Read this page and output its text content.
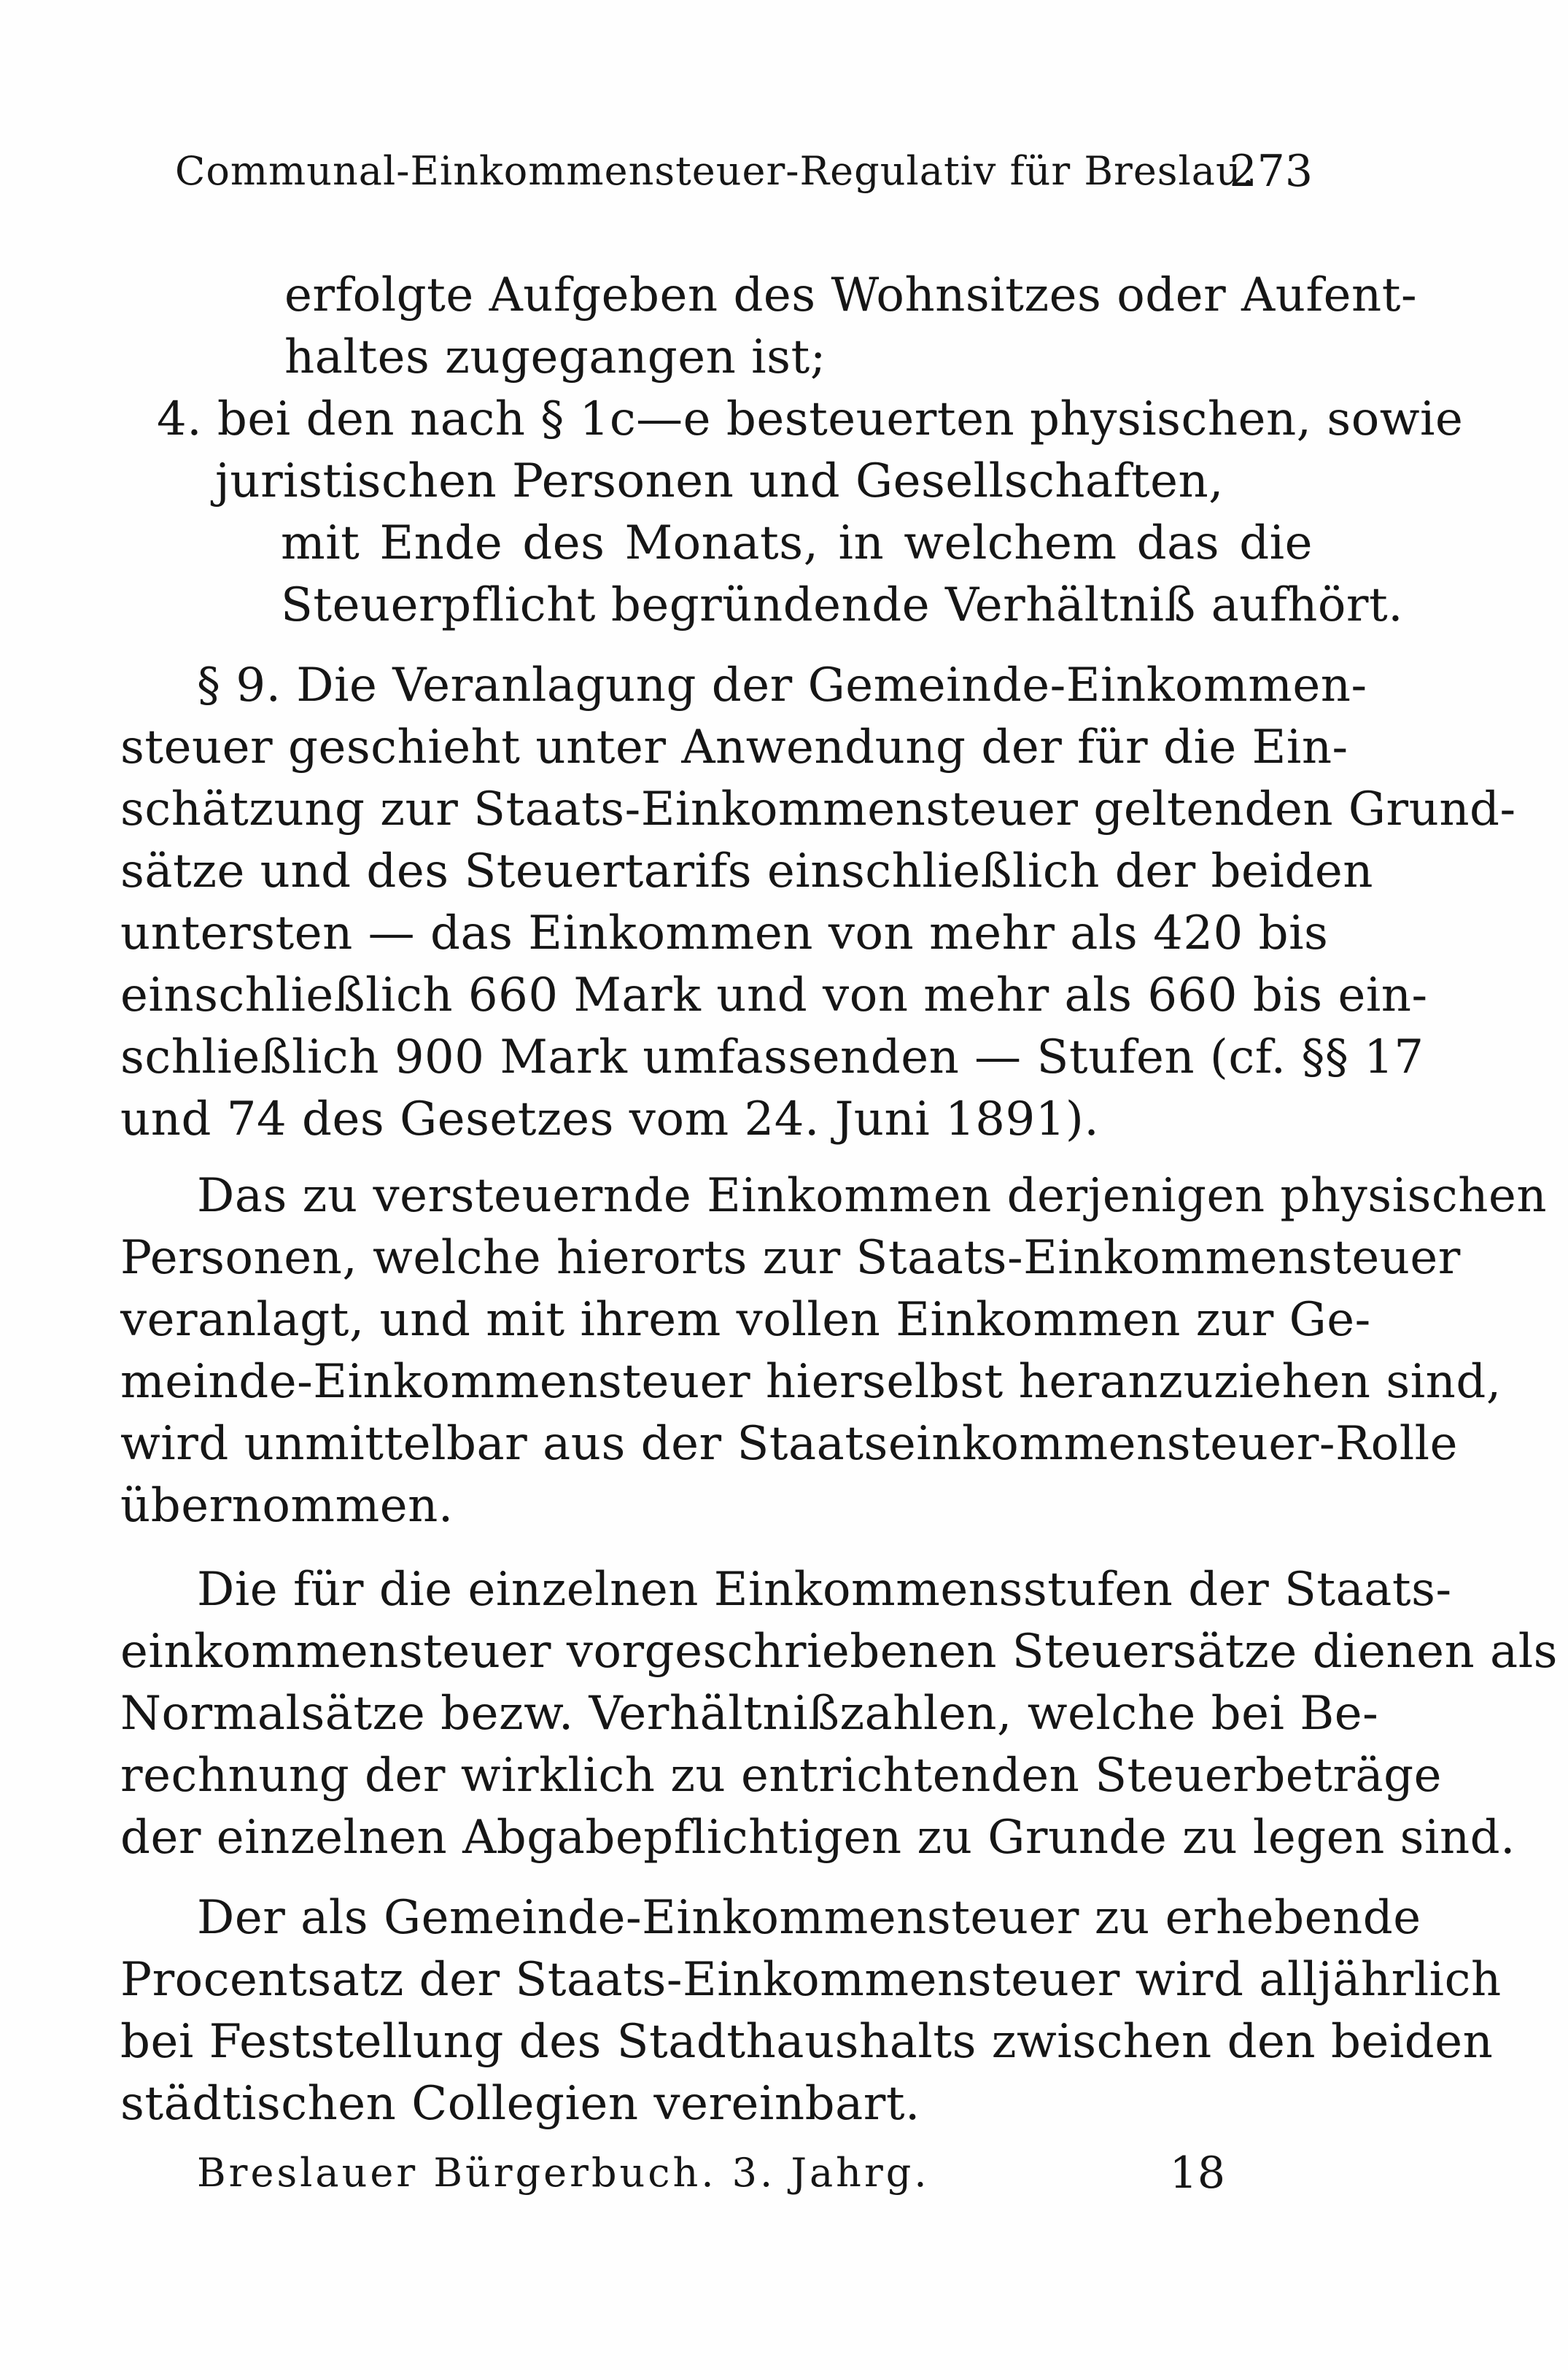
Communal-Einkommensteuer-Regulativ für Breslau.
273
erfolgte Aufgeben des Wohnsitzes oder Aufent-
haltes zugegangen ist;
4. bei den nach § 1c—e besteuerten physischen, sowie
juristischen Personen und Gesellschaften,
mit Ende des Monats, in welchem das die
Steuerpflicht begründende Verhältniß aufhört.
§ 9. Die Veranlagung der Gemeinde-Einkommen-
steuer geschieht unter Anwendung der für die Ein-
schätzung zur Staats-Einkommensteuer geltenden Grund-
sätze und des Steuertarifs einschließlich der beiden
untersten — das Einkommen von mehr als 420 bis
einschließlich 660 Mark und von mehr als 660 bis ein-
schließlich 900 Mark umfassenden — Stufen (cf. §§ 17
und 74 des Gesetzes vom 24. Juni 1891).
Das zu versteuernde Einkommen derjenigen physischen
Personen, welche hierorts zur Staats-Einkommensteuer
veranlagt, und mit ihrem vollen Einkommen zur Ge-
meinde-Einkommensteuer hierselbst heranzuziehen sind,
wird unmittelbar aus der Staatseinkommensteuer-Rolle
übernommen.
Die für die einzelnen Einkommensstufen der Staats-
einkommensteuer vorgeschriebenen Steuersätze dienen als
Normalsätze bezw. Verhältnißzahlen, welche bei Be-
rechnung der wirklich zu entrichtenden Steuerbeträge
der einzelnen Abgabepflichtigen zu Grunde zu legen sind.
Der als Gemeinde-Einkommensteuer zu erhebende
Procentsatz der Staats-Einkommensteuer wird alljährlich
bei Feststellung des Stadthaushalts zwischen den beiden
städtischen Collegien vereinbart.
Breslauer Bürgerbuch. 3. Jahrg.	18
